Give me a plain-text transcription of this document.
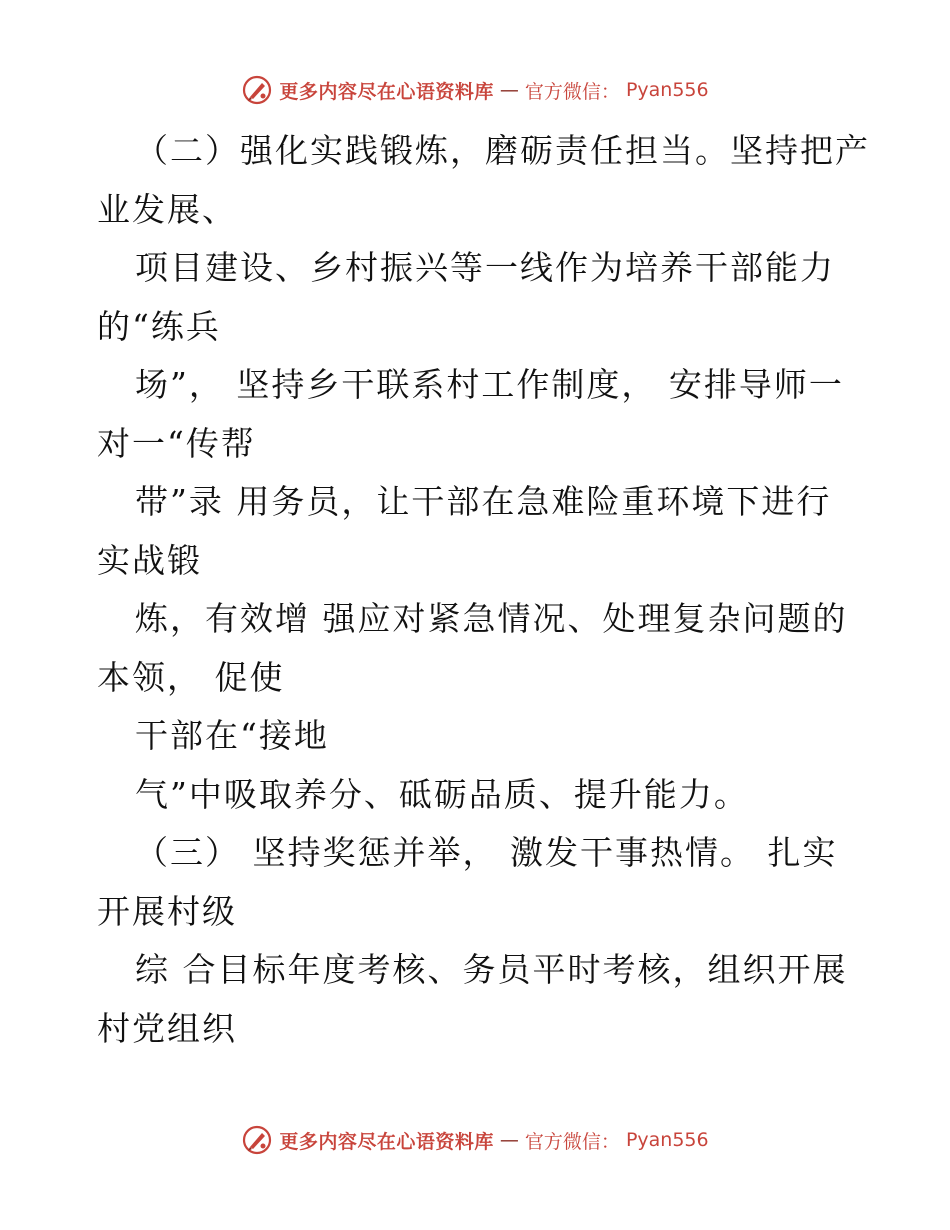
更多内容尽在心语资料库 — 官方微信： Pyan556
（二）强化实践锻炼，磨砺责任担当。坚持把产
业发展、
项目建设、乡村振兴等一线作为培养干部能力
的“练兵
场”， 坚持乡干联系村工作制度， 安排导师一
对一“传帮
带”录 用务员，让干部在急难险重环境下进行
实战锻
炼，有效增 强应对紧急情况、处理复杂问题的
本领， 促使
干部在“接地
气”中吸取养分、砥砺品质、提升能力。
（三） 坚持奖惩并举， 激发干事热情。 扎实
开展村级
综 合目标年度考核、务员平时考核，组织开展
村党组织
更多内容尽在心语资料库 — 官方微信： Pyan556
